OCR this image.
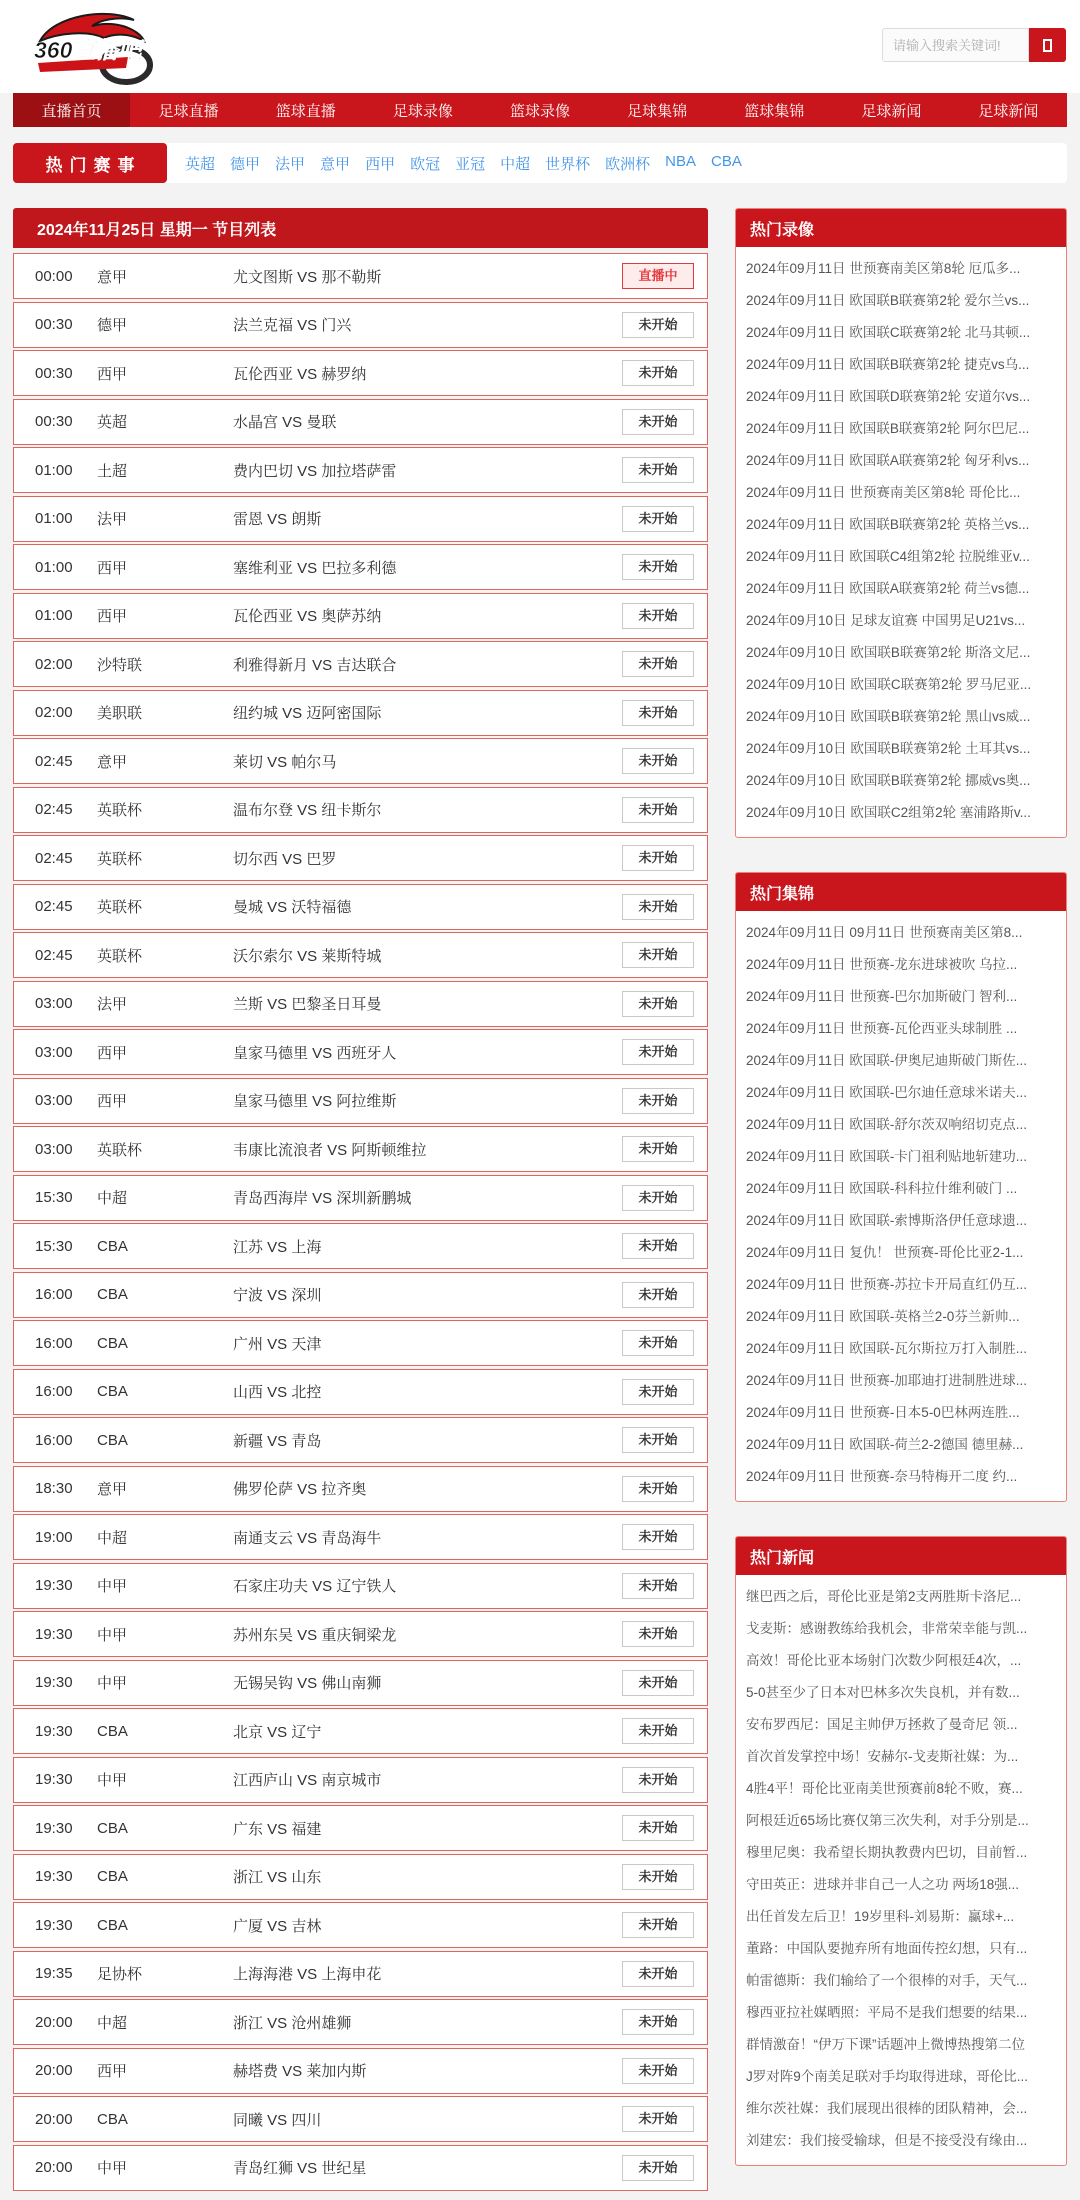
360直播吧
请输入搜索关键词!
直播首页	足球直播	篮球直播	足球录像	篮球录像	足球集锦	篮球集锦	足球新闻	足球新闻
热门赛事	英超 德甲 法甲 意甲 西甲 欧冠 亚冠 中超 世界杯 欧洲杯 NBA CBA
2024年11月25日 星期一 节目列表
00:00	意甲	尤文图斯 VS 那不勒斯	直播中
00:30	德甲	法兰克福 VS 门兴	未开始
00:30	西甲	瓦伦西亚 VS 赫罗纳	未开始
00:30	英超	水晶宫 VS 曼联	未开始
01:00	土超	费内巴切 VS 加拉塔萨雷	未开始
01:00	法甲	雷恩 VS 朗斯	未开始
01:00	西甲	塞维利亚 VS 巴拉多利德	未开始
01:00	西甲	瓦伦西亚 VS 奥萨苏纳	未开始
02:00	沙特联	利雅得新月 VS 吉达联合	未开始
02:00	美职联	纽约城 VS 迈阿密国际	未开始
02:45	意甲	莱切 VS 帕尔马	未开始
02:45	英联杯	温布尔登 VS 纽卡斯尔	未开始
02:45	英联杯	切尔西 VS 巴罗	未开始
02:45	英联杯	曼城 VS 沃特福德	未开始
02:45	英联杯	沃尔索尔 VS 莱斯特城	未开始
03:00	法甲	兰斯 VS 巴黎圣日耳曼	未开始
03:00	西甲	皇家马德里 VS 西班牙人	未开始
03:00	西甲	皇家马德里 VS 阿拉维斯	未开始
03:00	英联杯	韦康比流浪者 VS 阿斯顿维拉	未开始
15:30	中超	青岛西海岸 VS 深圳新鹏城	未开始
15:30	CBA	江苏 VS 上海	未开始
16:00	CBA	宁波 VS 深圳	未开始
16:00	CBA	广州 VS 天津	未开始
16:00	CBA	山西 VS 北控	未开始
16:00	CBA	新疆 VS 青岛	未开始
18:30	意甲	佛罗伦萨 VS 拉齐奥	未开始
19:00	中超	南通支云 VS 青岛海牛	未开始
19:30	中甲	石家庄功夫 VS 辽宁铁人	未开始
19:30	中甲	苏州东吴 VS 重庆铜梁龙	未开始
19:30	中甲	无锡吴钩 VS 佛山南狮	未开始
19:30	CBA	北京 VS 辽宁	未开始
19:30	中甲	江西庐山 VS 南京城市	未开始
19:30	CBA	广东 VS 福建	未开始
19:30	CBA	浙江 VS 山东	未开始
19:30	CBA	广厦 VS 吉林	未开始
19:35	足协杯	上海海港 VS 上海申花	未开始
20:00	中超	浙江 VS 沧州雄狮	未开始
20:00	西甲	赫塔费 VS 莱加内斯	未开始
20:00	CBA	同曦 VS 四川	未开始
20:00	中甲	青岛红狮 VS 世纪星	未开始
热门录像
2024年09月11日 世预赛南美区第8轮 厄瓜多...
2024年09月11日 欧国联B联赛第2轮 爱尔兰vs...
2024年09月11日 欧国联C联赛第2轮 北马其顿...
2024年09月11日 欧国联B联赛第2轮 捷克vs乌...
2024年09月11日 欧国联D联赛第2轮 安道尔vs...
2024年09月11日 欧国联B联赛第2轮 阿尔巴尼...
2024年09月11日 欧国联A联赛第2轮 匈牙利vs...
2024年09月11日 世预赛南美区第8轮 哥伦比...
2024年09月11日 欧国联B联赛第2轮 英格兰vs...
2024年09月11日 欧国联C4组第2轮 拉脱维亚v...
2024年09月11日 欧国联A联赛第2轮 荷兰vs德...
2024年09月10日 足球友谊赛 中国男足U21vs...
2024年09月10日 欧国联B联赛第2轮 斯洛文尼...
2024年09月10日 欧国联C联赛第2轮 罗马尼亚...
2024年09月10日 欧国联B联赛第2轮 黑山vs威...
2024年09月10日 欧国联B联赛第2轮 土耳其vs...
2024年09月10日 欧国联B联赛第2轮 挪威vs奥...
2024年09月10日 欧国联C2组第2轮 塞浦路斯v...
热门集锦
2024年09月11日 09月11日 世预赛南美区第8...
2024年09月11日 世预赛-龙东进球被吹 乌拉...
2024年09月11日 世预赛-巴尔加斯破门 智利...
2024年09月11日 世预赛-瓦伦西亚头球制胜 ...
2024年09月11日 欧国联-伊奥尼迪斯破门斯佐...
2024年09月11日 欧国联-巴尔迪任意球米诺夫...
2024年09月11日 欧国联-舒尔茨双响绍切克点...
2024年09月11日 欧国联-卡门祖利贴地斩建功...
2024年09月11日 欧国联-科科拉什维利破门 ...
2024年09月11日 欧国联-索博斯洛伊任意球遗...
2024年09月11日 复仇！ 世预赛-哥伦比亚2-1...
2024年09月11日 世预赛-苏拉卡开局直红仍互...
2024年09月11日 欧国联-英格兰2-0芬兰新帅...
2024年09月11日 欧国联-瓦尔斯拉万打入制胜...
2024年09月11日 世预赛-加耶迪打进制胜进球...
2024年09月11日 世预赛-日本5-0巴林两连胜...
2024年09月11日 欧国联-荷兰2-2德国 德里赫...
2024年09月11日 世预赛-奈马特梅开二度 约...
热门新闻
继巴西之后，哥伦比亚是第2支两胜斯卡洛尼...
戈麦斯：感谢教练给我机会，非常荣幸能与凯...
高效！哥伦比亚本场射门次数少阿根廷4次，...
5-0甚至少了日本对巴林多次失良机，并有数...
安布罗西尼：国足主帅伊万拯救了曼奇尼 领...
首次首发掌控中场！安赫尔-戈麦斯社媒：为...
4胜4平！哥伦比亚南美世预赛前8轮不败，赛...
阿根廷近65场比赛仅第三次失利，对手分别是...
穆里尼奥：我希望长期执教费内巴切，目前暂...
守田英正：进球并非自己一人之功 两场18强...
出任首发左后卫！19岁里科-刘易斯：赢球+...
董路：中国队要抛弃所有地面传控幻想，只有...
帕雷德斯：我们输给了一个很棒的对手，天气...
穆西亚拉社媒晒照：平局不是我们想要的结果...
群情激奋！“伊万下课”话题冲上微博热搜第二位
J罗对阵9个南美足联对手均取得进球，哥伦比...
维尔茨社媒：我们展现出很棒的团队精神，会...
刘建宏：我们接受输球，但是不接受没有缘由...
